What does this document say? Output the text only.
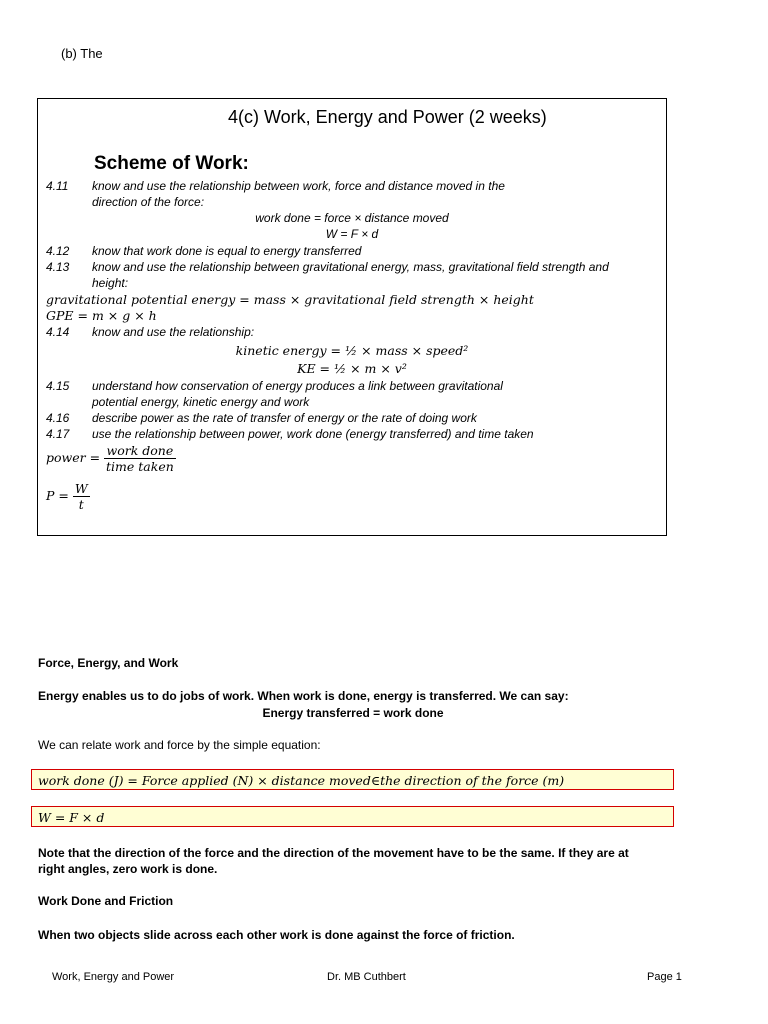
(b) The
4(c) Work, Energy and Power (2 weeks)
Scheme of Work:
4.11 know and use the relationship between work, force and distance moved in the
direction of the force:
work done = force × distance moved
W = F × d
4.12 know that work done is equal to energy transferred
4.13 know and use the relationship between gravitational energy, mass, gravitational field strength and
height:
gravitational potential energy = mass × gravitational field strength × height
GPE = m × g × h
4.14 know and use the relationship:
kinetic energy = ½ × mass × speed²
KE = ½ × m × v²
4.15 understand how conservation of energy produces a link between gravitational
potential energy, kinetic energy and work
4.16 describe power as the rate of transfer of energy or the rate of doing work
4.17 use the relationship between power, work done (energy transferred) and time taken
power = $\frac{\text{work done}}{\text{time taken}}$
$P = \frac{W}{t}$
Force, Energy, and Work
Energy enables us to do jobs of work. When work is done, energy is transferred. We can say:
Energy transferred = work done
We can relate work and force by the simple equation:
work done (J) = Force applied (N) × distance moved∈the direction of the force (m)
W = F × d
Note that the direction of the force and the direction of the movement have to be the same. If they are at
right angles, zero work is done.
Work Done and Friction
When two objects slide across each other work is done against the force of friction.
Work, Energy and Power	Dr. MB Cuthbert	Page 1
